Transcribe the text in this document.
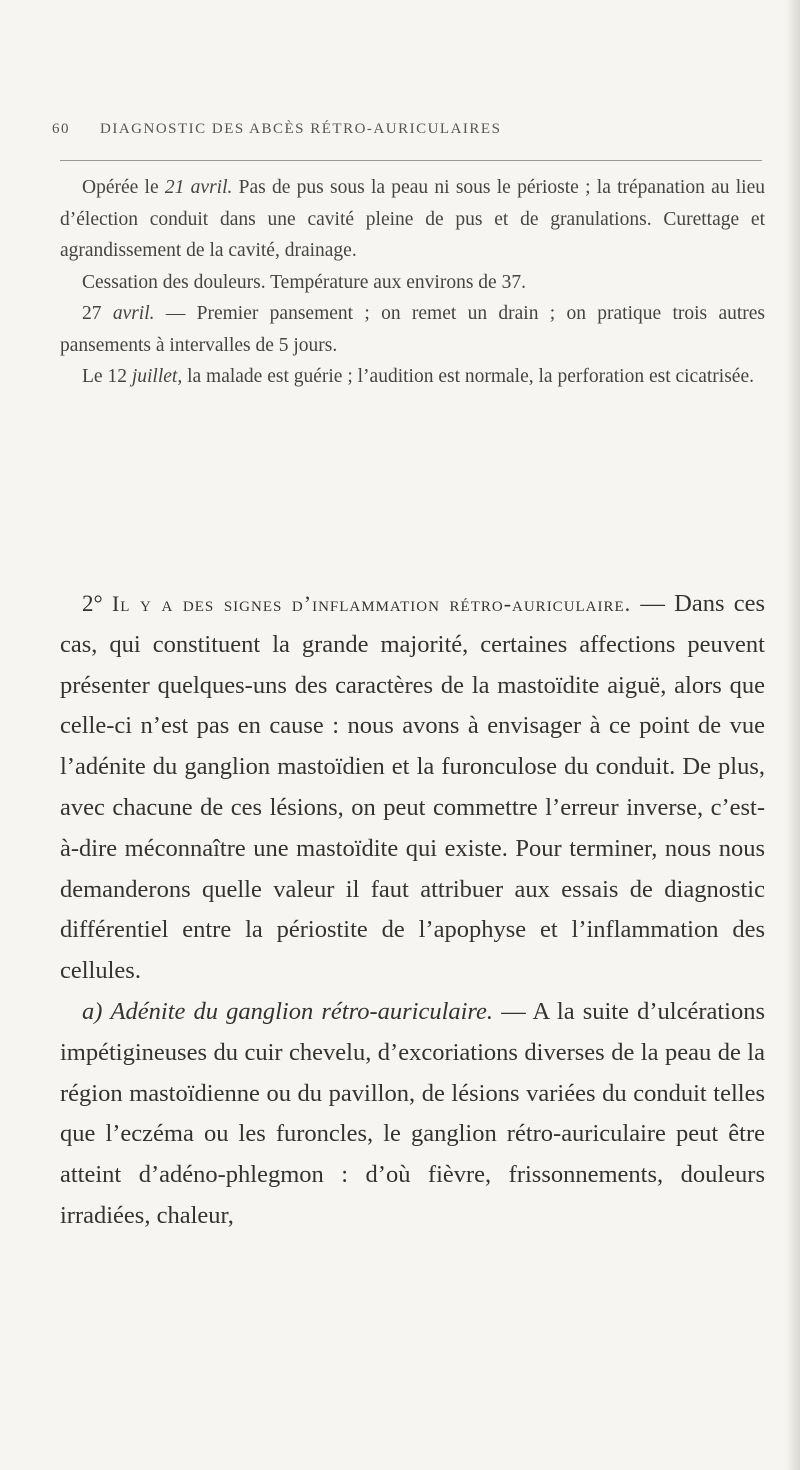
60 DIAGNOSTIC DES ABCÈS RÉTRO-AURICULAIRES

Opérée le 21 avril. Pas de pus sous la peau ni sous le périoste ; la trépanation au lieu d’élection conduit dans une cavité pleine de pus et de granulations. Curettage et agrandissement de la cavité, drainage.

Cessation des douleurs. Température aux environs de 37.

27 avril. — Premier pansement ; on remet un drain ; on pratique trois autres pansements à intervalles de 5 jours.

Le 12 juillet, la malade est guérie ; l’audition est normale, la perforation est cicatrisée.

2° Il y a des signes d’inflammation rétro-auriculaire. — Dans ces cas, qui constituent la grande majorité, certaines affections peuvent présenter quelques-uns des caractères de la mastoïdite aiguë, alors que celle-ci n’est pas en cause : nous avons à envisager à ce point de vue l’adénite du ganglion mastoïdien et la furonculose du conduit. De plus, avec chacune de ces lésions, on peut commettre l’erreur inverse, c’est-à-dire méconnaître une mastoïdite qui existe. Pour terminer, nous nous demanderons quelle valeur il faut attribuer aux essais de diagnostic différentiel entre la périostite de l’apophyse et l’inflammation des cellules.

a) Adénite du ganglion rétro-auriculaire. — A la suite d’ulcérations impétigineuses du cuir chevelu, d’excoriations diverses de la peau de la région mastoïdienne ou du pavillon, de lésions variées du conduit telles que l’eczéma ou les furoncles, le ganglion rétro-auriculaire peut être atteint d’adéno-phlegmon : d’où fièvre, frissonnements, douleurs irradiées, chaleur,
